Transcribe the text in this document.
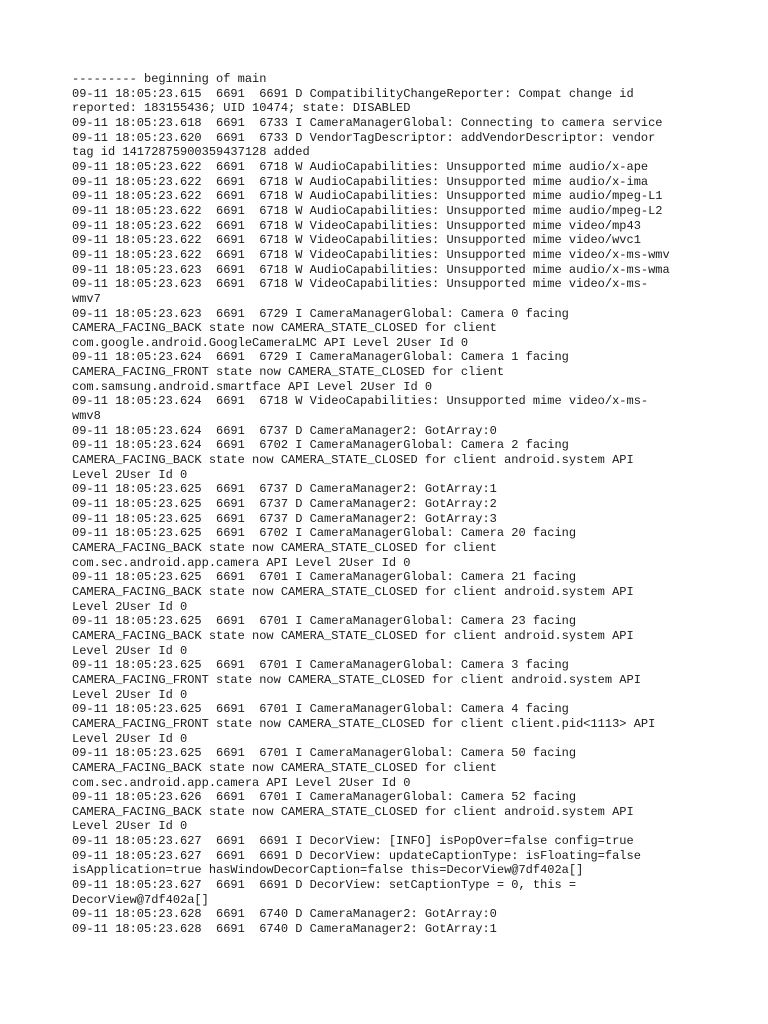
--------- beginning of main
09-11 18:05:23.615  6691  6691 D CompatibilityChangeReporter: Compat change id
reported: 183155436; UID 10474; state: DISABLED
09-11 18:05:23.618  6691  6733 I CameraManagerGlobal: Connecting to camera service
09-11 18:05:23.620  6691  6733 D VendorTagDescriptor: addVendorDescriptor: vendor
tag id 14172875900359437128 added
09-11 18:05:23.622  6691  6718 W AudioCapabilities: Unsupported mime audio/x-ape
09-11 18:05:23.622  6691  6718 W AudioCapabilities: Unsupported mime audio/x-ima
09-11 18:05:23.622  6691  6718 W AudioCapabilities: Unsupported mime audio/mpeg-L1
09-11 18:05:23.622  6691  6718 W AudioCapabilities: Unsupported mime audio/mpeg-L2
09-11 18:05:23.622  6691  6718 W VideoCapabilities: Unsupported mime video/mp43
09-11 18:05:23.622  6691  6718 W VideoCapabilities: Unsupported mime video/wvc1
09-11 18:05:23.622  6691  6718 W VideoCapabilities: Unsupported mime video/x-ms-wmv
09-11 18:05:23.623  6691  6718 W AudioCapabilities: Unsupported mime audio/x-ms-wma
09-11 18:05:23.623  6691  6718 W VideoCapabilities: Unsupported mime video/x-ms-
wmv7
09-11 18:05:23.623  6691  6729 I CameraManagerGlobal: Camera 0 facing
CAMERA_FACING_BACK state now CAMERA_STATE_CLOSED for client
com.google.android.GoogleCameraLMC API Level 2User Id 0
09-11 18:05:23.624  6691  6729 I CameraManagerGlobal: Camera 1 facing
CAMERA_FACING_FRONT state now CAMERA_STATE_CLOSED for client
com.samsung.android.smartface API Level 2User Id 0
09-11 18:05:23.624  6691  6718 W VideoCapabilities: Unsupported mime video/x-ms-
wmv8
09-11 18:05:23.624  6691  6737 D CameraManager2: GotArray:0
09-11 18:05:23.624  6691  6702 I CameraManagerGlobal: Camera 2 facing
CAMERA_FACING_BACK state now CAMERA_STATE_CLOSED for client android.system API
Level 2User Id 0
09-11 18:05:23.625  6691  6737 D CameraManager2: GotArray:1
09-11 18:05:23.625  6691  6737 D CameraManager2: GotArray:2
09-11 18:05:23.625  6691  6737 D CameraManager2: GotArray:3
09-11 18:05:23.625  6691  6702 I CameraManagerGlobal: Camera 20 facing
CAMERA_FACING_BACK state now CAMERA_STATE_CLOSED for client
com.sec.android.app.camera API Level 2User Id 0
09-11 18:05:23.625  6691  6701 I CameraManagerGlobal: Camera 21 facing
CAMERA_FACING_BACK state now CAMERA_STATE_CLOSED for client android.system API
Level 2User Id 0
09-11 18:05:23.625  6691  6701 I CameraManagerGlobal: Camera 23 facing
CAMERA_FACING_BACK state now CAMERA_STATE_CLOSED for client android.system API
Level 2User Id 0
09-11 18:05:23.625  6691  6701 I CameraManagerGlobal: Camera 3 facing
CAMERA_FACING_FRONT state now CAMERA_STATE_CLOSED for client android.system API
Level 2User Id 0
09-11 18:05:23.625  6691  6701 I CameraManagerGlobal: Camera 4 facing
CAMERA_FACING_FRONT state now CAMERA_STATE_CLOSED for client client.pid<1113> API
Level 2User Id 0
09-11 18:05:23.625  6691  6701 I CameraManagerGlobal: Camera 50 facing
CAMERA_FACING_BACK state now CAMERA_STATE_CLOSED for client
com.sec.android.app.camera API Level 2User Id 0
09-11 18:05:23.626  6691  6701 I CameraManagerGlobal: Camera 52 facing
CAMERA_FACING_BACK state now CAMERA_STATE_CLOSED for client android.system API
Level 2User Id 0
09-11 18:05:23.627  6691  6691 I DecorView: [INFO] isPopOver=false config=true
09-11 18:05:23.627  6691  6691 D DecorView: updateCaptionType: isFloating=false
isApplication=true hasWindowDecorCaption=false this=DecorView@7df402a[]
09-11 18:05:23.627  6691  6691 D DecorView: setCaptionType = 0, this =
DecorView@7df402a[]
09-11 18:05:23.628  6691  6740 D CameraManager2: GotArray:0
09-11 18:05:23.628  6691  6740 D CameraManager2: GotArray:1
